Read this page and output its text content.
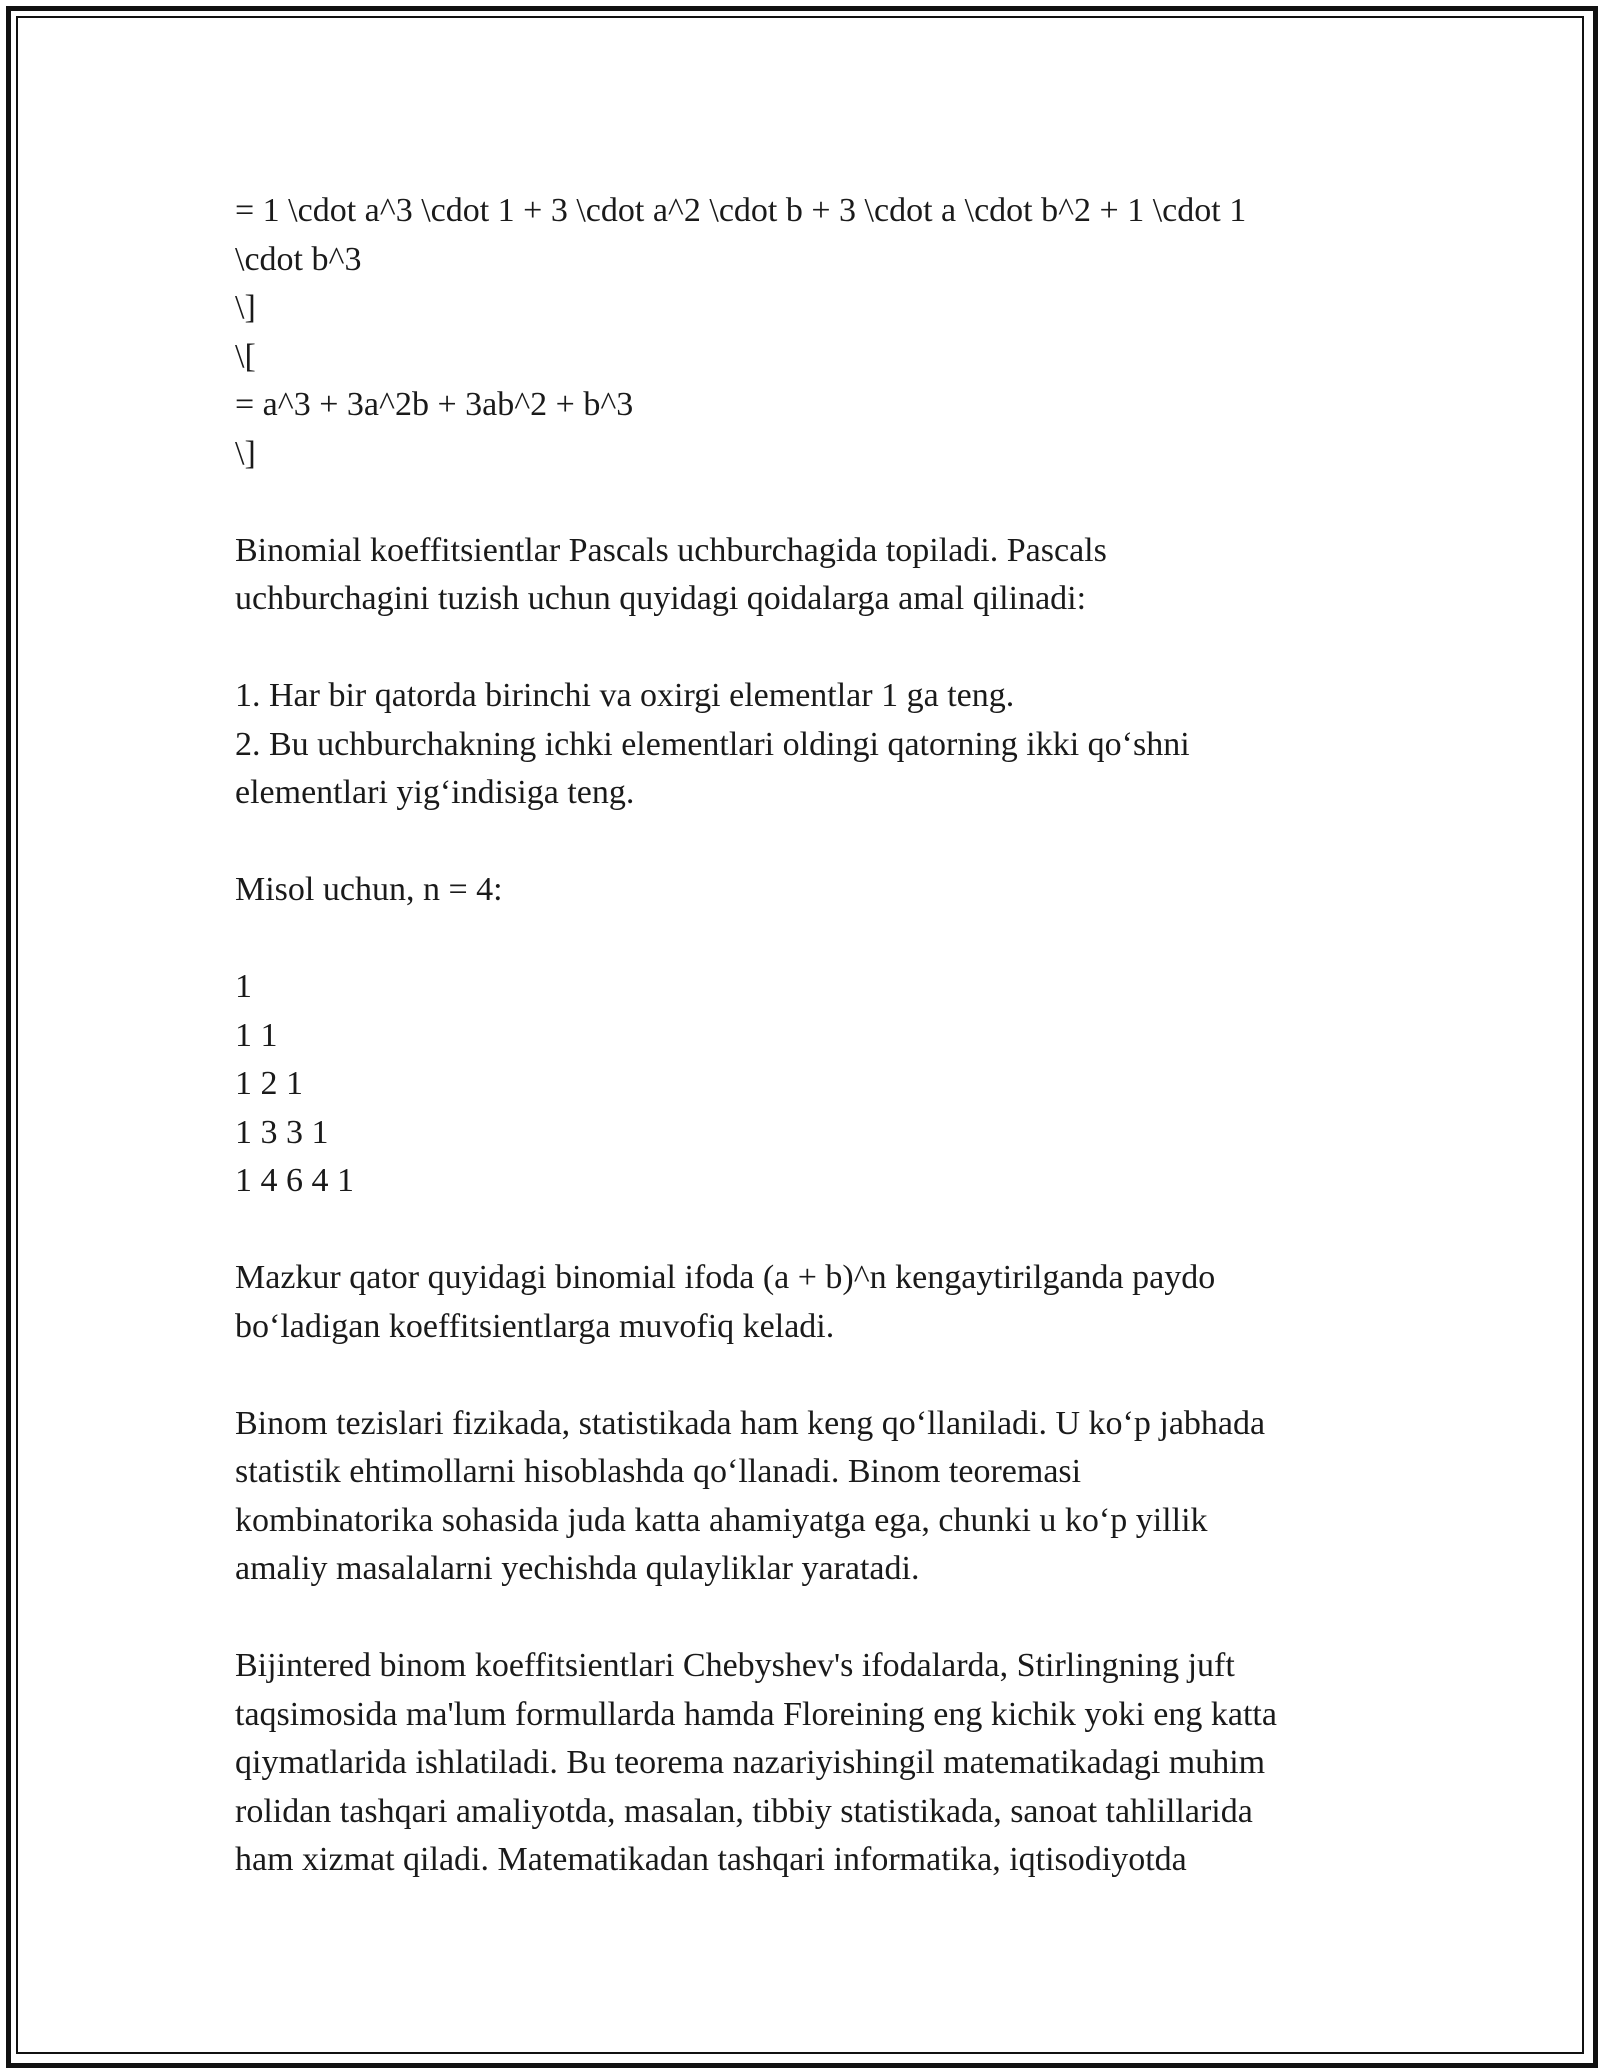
= 1 \cdot a^3 \cdot 1 + 3 \cdot a^2 \cdot b + 3 \cdot a \cdot b^2 + 1 \cdot 1
\cdot b^3
\]
\[
= a^3 + 3a^2b + 3ab^2 + b^3
\]
Binomial koeffitsientlar Pascals uchburchagida topiladi. Pascals
uchburchagini tuzish uchun quyidagi qoidalarga amal qilinadi:
1. Har bir qatorda birinchi va oxirgi elementlar 1 ga teng.
2. Bu uchburchakning ichki elementlari oldingi qatorning ikki qo‘shni
elementlari yig‘indisiga teng.
Misol uchun, n = 4:
1
1 1
1 2 1
1 3 3 1
1 4 6 4 1
Mazkur qator quyidagi binomial ifoda (a + b)^n kengaytirilganda paydo
bo‘ladigan koeffitsientlarga muvofiq keladi.
Binom tezislari fizikada, statistikada ham keng qo‘llaniladi. U ko‘p jabhada
statistik ehtimollarni hisoblashda qo‘llanadi. Binom teoremasi
kombinatorika sohasida juda katta ahamiyatga ega, chunki u ko‘p yillik
amaliy masalalarni yechishda qulayliklar yaratadi.
Bijintered binom koeffitsientlari Chebyshev's ifodalarda, Stirlingning juft
taqsimosida ma'lum formullarda hamda Floreining eng kichik yoki eng katta
qiymatlarida ishlatiladi. Bu teorema nazariyishingil matematikadagi muhim
rolidan tashqari amaliyotda, masalan, tibbiy statistikada, sanoat tahlillarida
ham xizmat qiladi. Matematikadan tashqari informatika, iqtisodiyotda
